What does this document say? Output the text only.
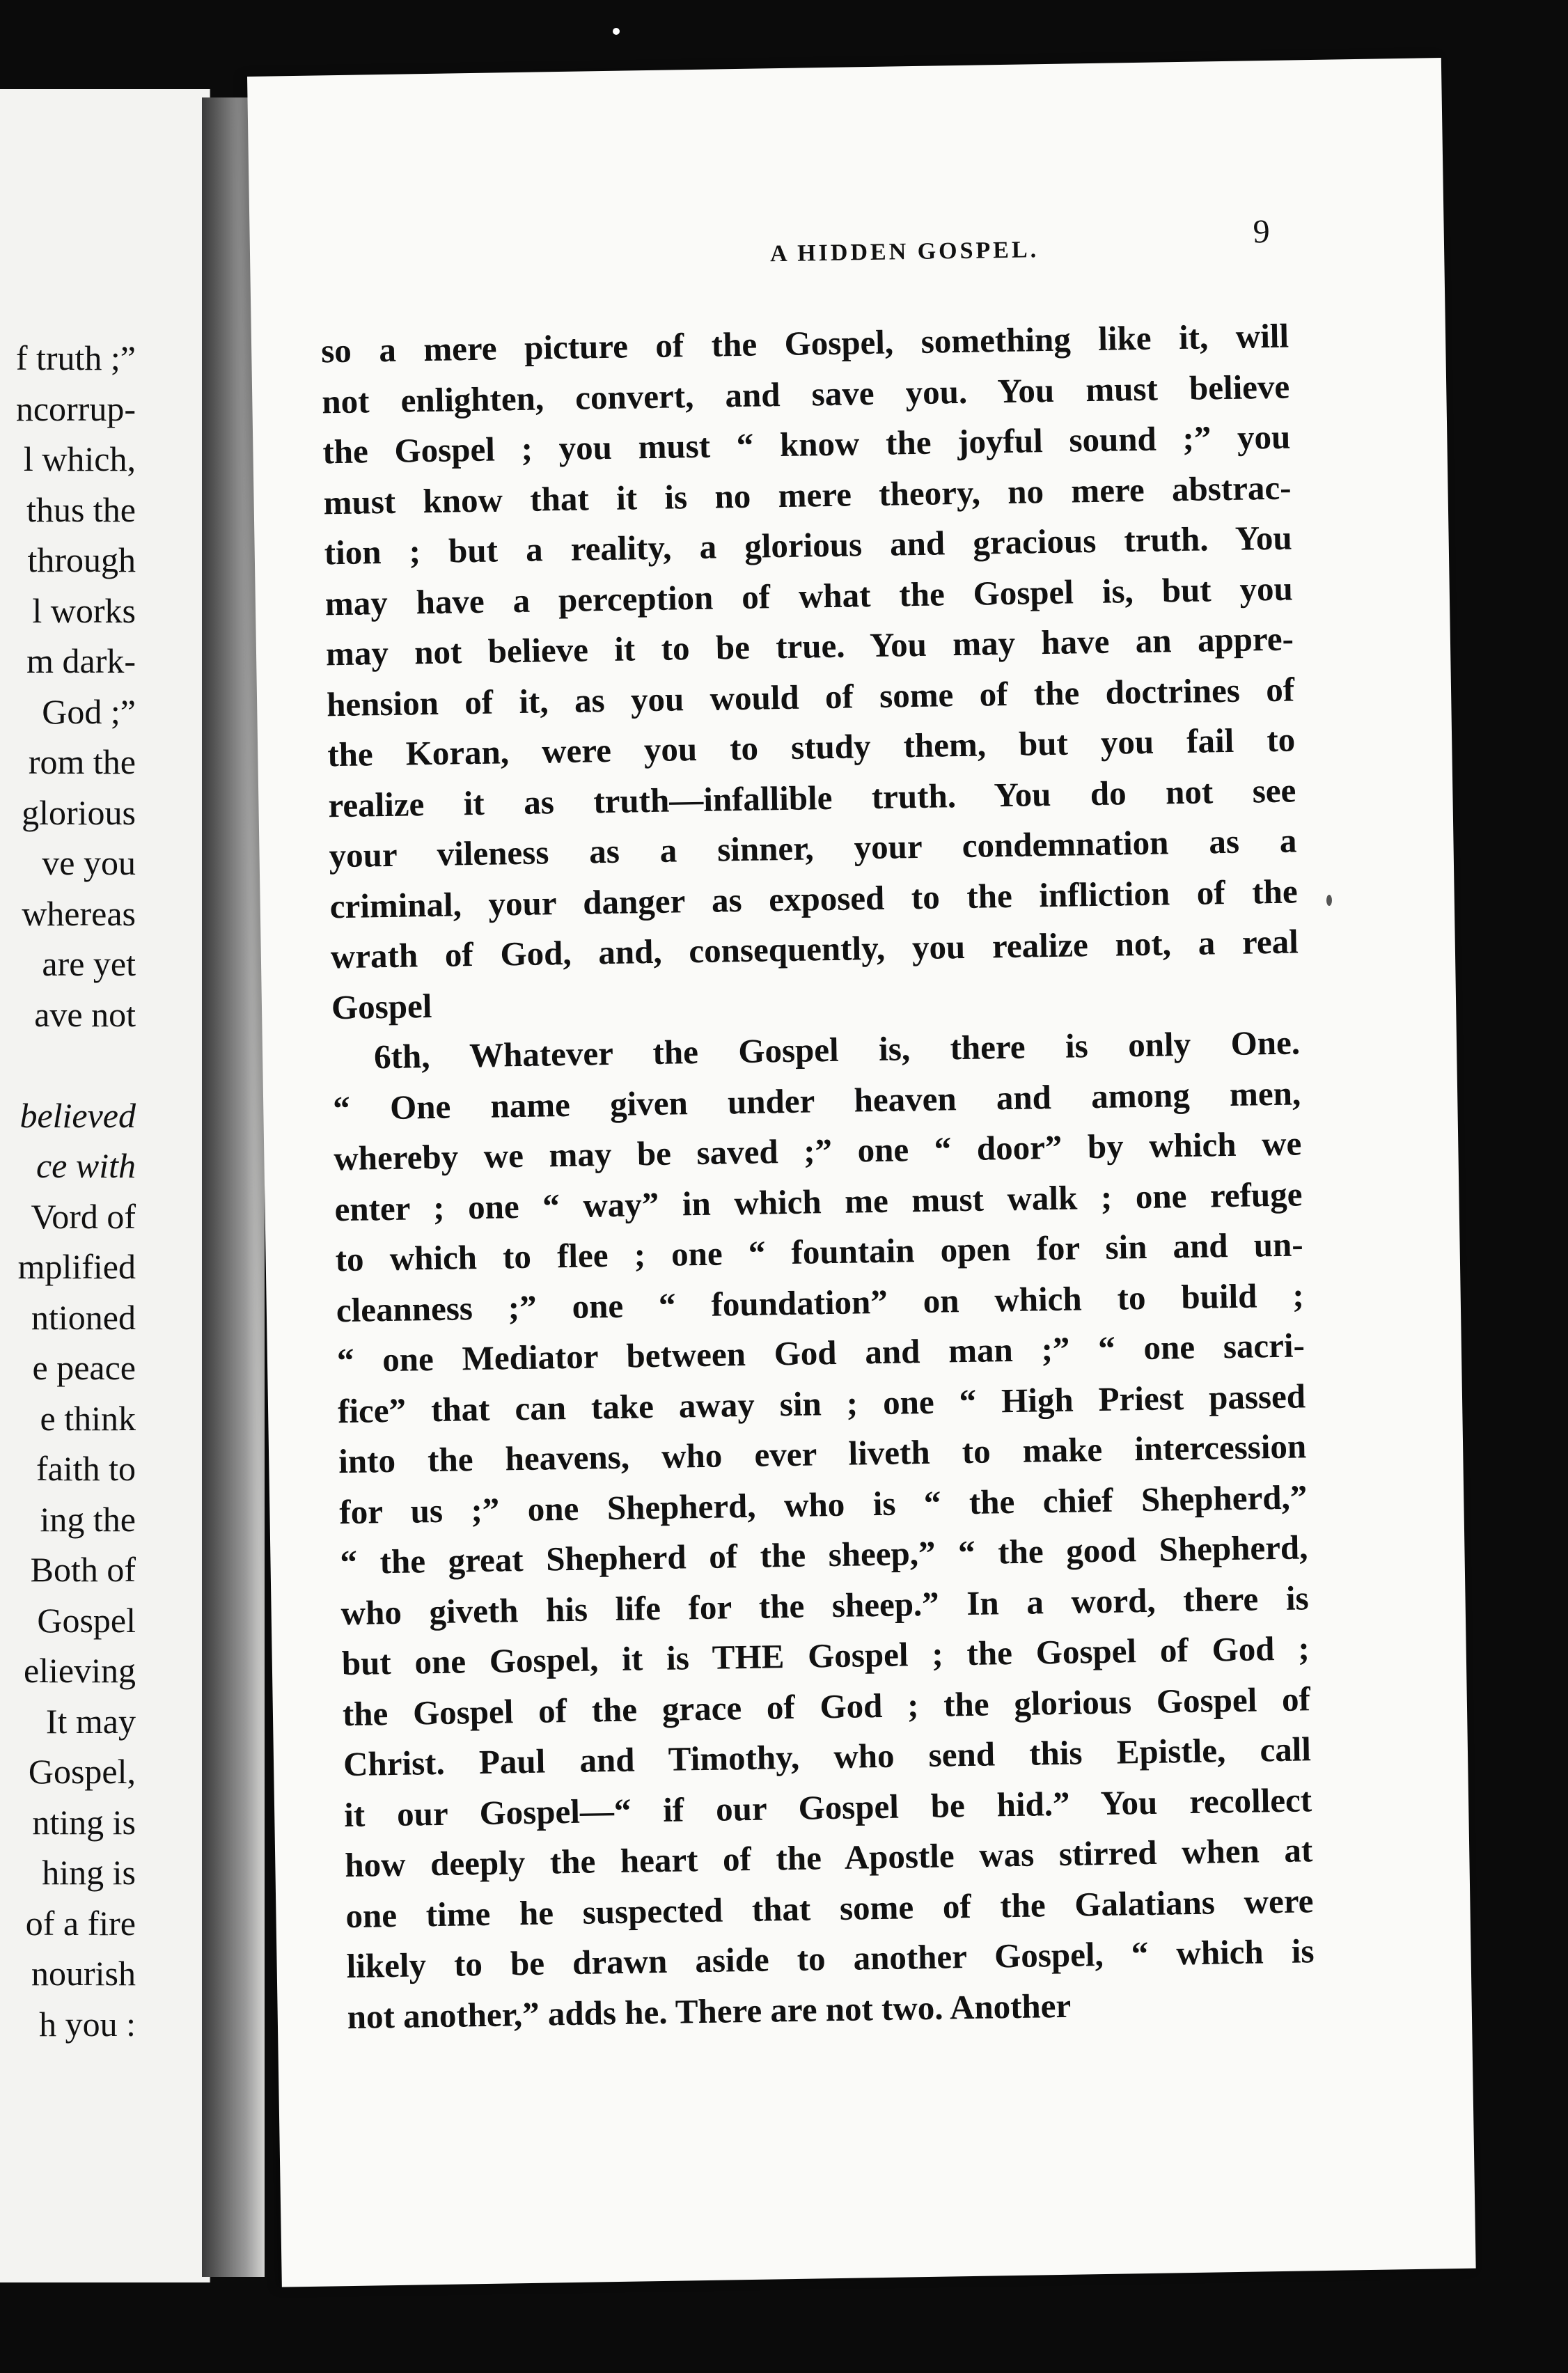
f truth ;”
ncorrup-
l which,
thus the
through
l works
m dark-
God ;”
rom the
glorious
ve you
whereas
are yet
ave not
believed
ce with
Vord of
mplified
ntioned
e peace
e think
faith to
ing the
Both of
Gospel
elieving
It may
Gospel,
nting is
hing is
of a fire
nourish
h you :
A HIDDEN GOSPEL.
9
so a mere picture of the Gospel, something like it, will
not enlighten, convert, and save you. You must believe
the Gospel ; you must “ know the joyful sound ;” you
must know that it is no mere theory, no mere abstrac-
tion ; but a reality, a glorious and gracious truth. You
may have a perception of what the Gospel is, but you
may not believe it to be true. You may have an appre-
hension of it, as you would of some of the doctrines of
the Koran, were you to study them, but you fail to
realize it as truth—infallible truth. You do not see
your vileness as a sinner, your condemnation as a
criminal, your danger as exposed to the infliction of the
wrath of God, and, consequently, you realize not, a real
Gospel
6th, Whatever the Gospel is, there is only One.
“ One name given under heaven and among men,
whereby we may be saved ;” one “ door” by which we
enter ; one “ way” in which me must walk ; one refuge
to which to flee ; one “ fountain open for sin and un-
cleanness ;” one “ foundation” on which to build ;
“ one Mediator between God and man ;” “ one sacri-
fice” that can take away sin ; one “ High Priest passed
into the heavens, who ever liveth to make intercession
for us ;” one Shepherd, who is “ the chief Shepherd,”
“ the great Shepherd of the sheep,” “ the good Shepherd,
who giveth his life for the sheep.” In a word, there is
but one Gospel, it is THE Gospel ; the Gospel of God ;
the Gospel of the grace of God ; the glorious Gospel of
Christ. Paul and Timothy, who send this Epistle, call
it our Gospel—“ if our Gospel be hid.” You recollect
how deeply the heart of the Apostle was stirred when at
one time he suspected that some of the Galatians were
likely to be drawn aside to another Gospel, “ which is
not another,” adds he. There are not two. Another
